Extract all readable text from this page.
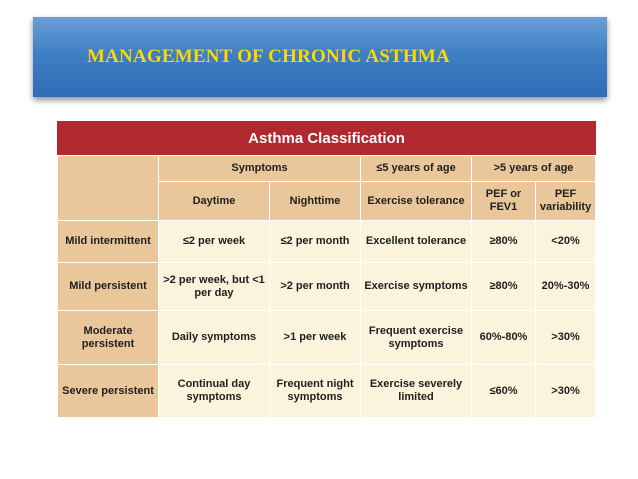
MANAGEMENT OF CHRONIC ASTHMA
Asthma Classification					
	Symptoms		≤5 years of age	>5 years of age	
	Daytime	Nighttime	Exercise tolerance	PEF or FEV1	PEF variability
Mild intermittent	≤2 per week	≤2 per month	Excellent tolerance	≥80%	<20%
Mild persistent	>2 per week, but <1 per day	>2 per month	Exercise symptoms	≥80%	20%-30%
Moderate persistent	Daily symptoms	>1 per week	Frequent exercise symptoms	60%-80%	>30%
Severe persistent	Continual day symptoms	Frequent night symptoms	Exercise severely limited	≤60%	>30%
